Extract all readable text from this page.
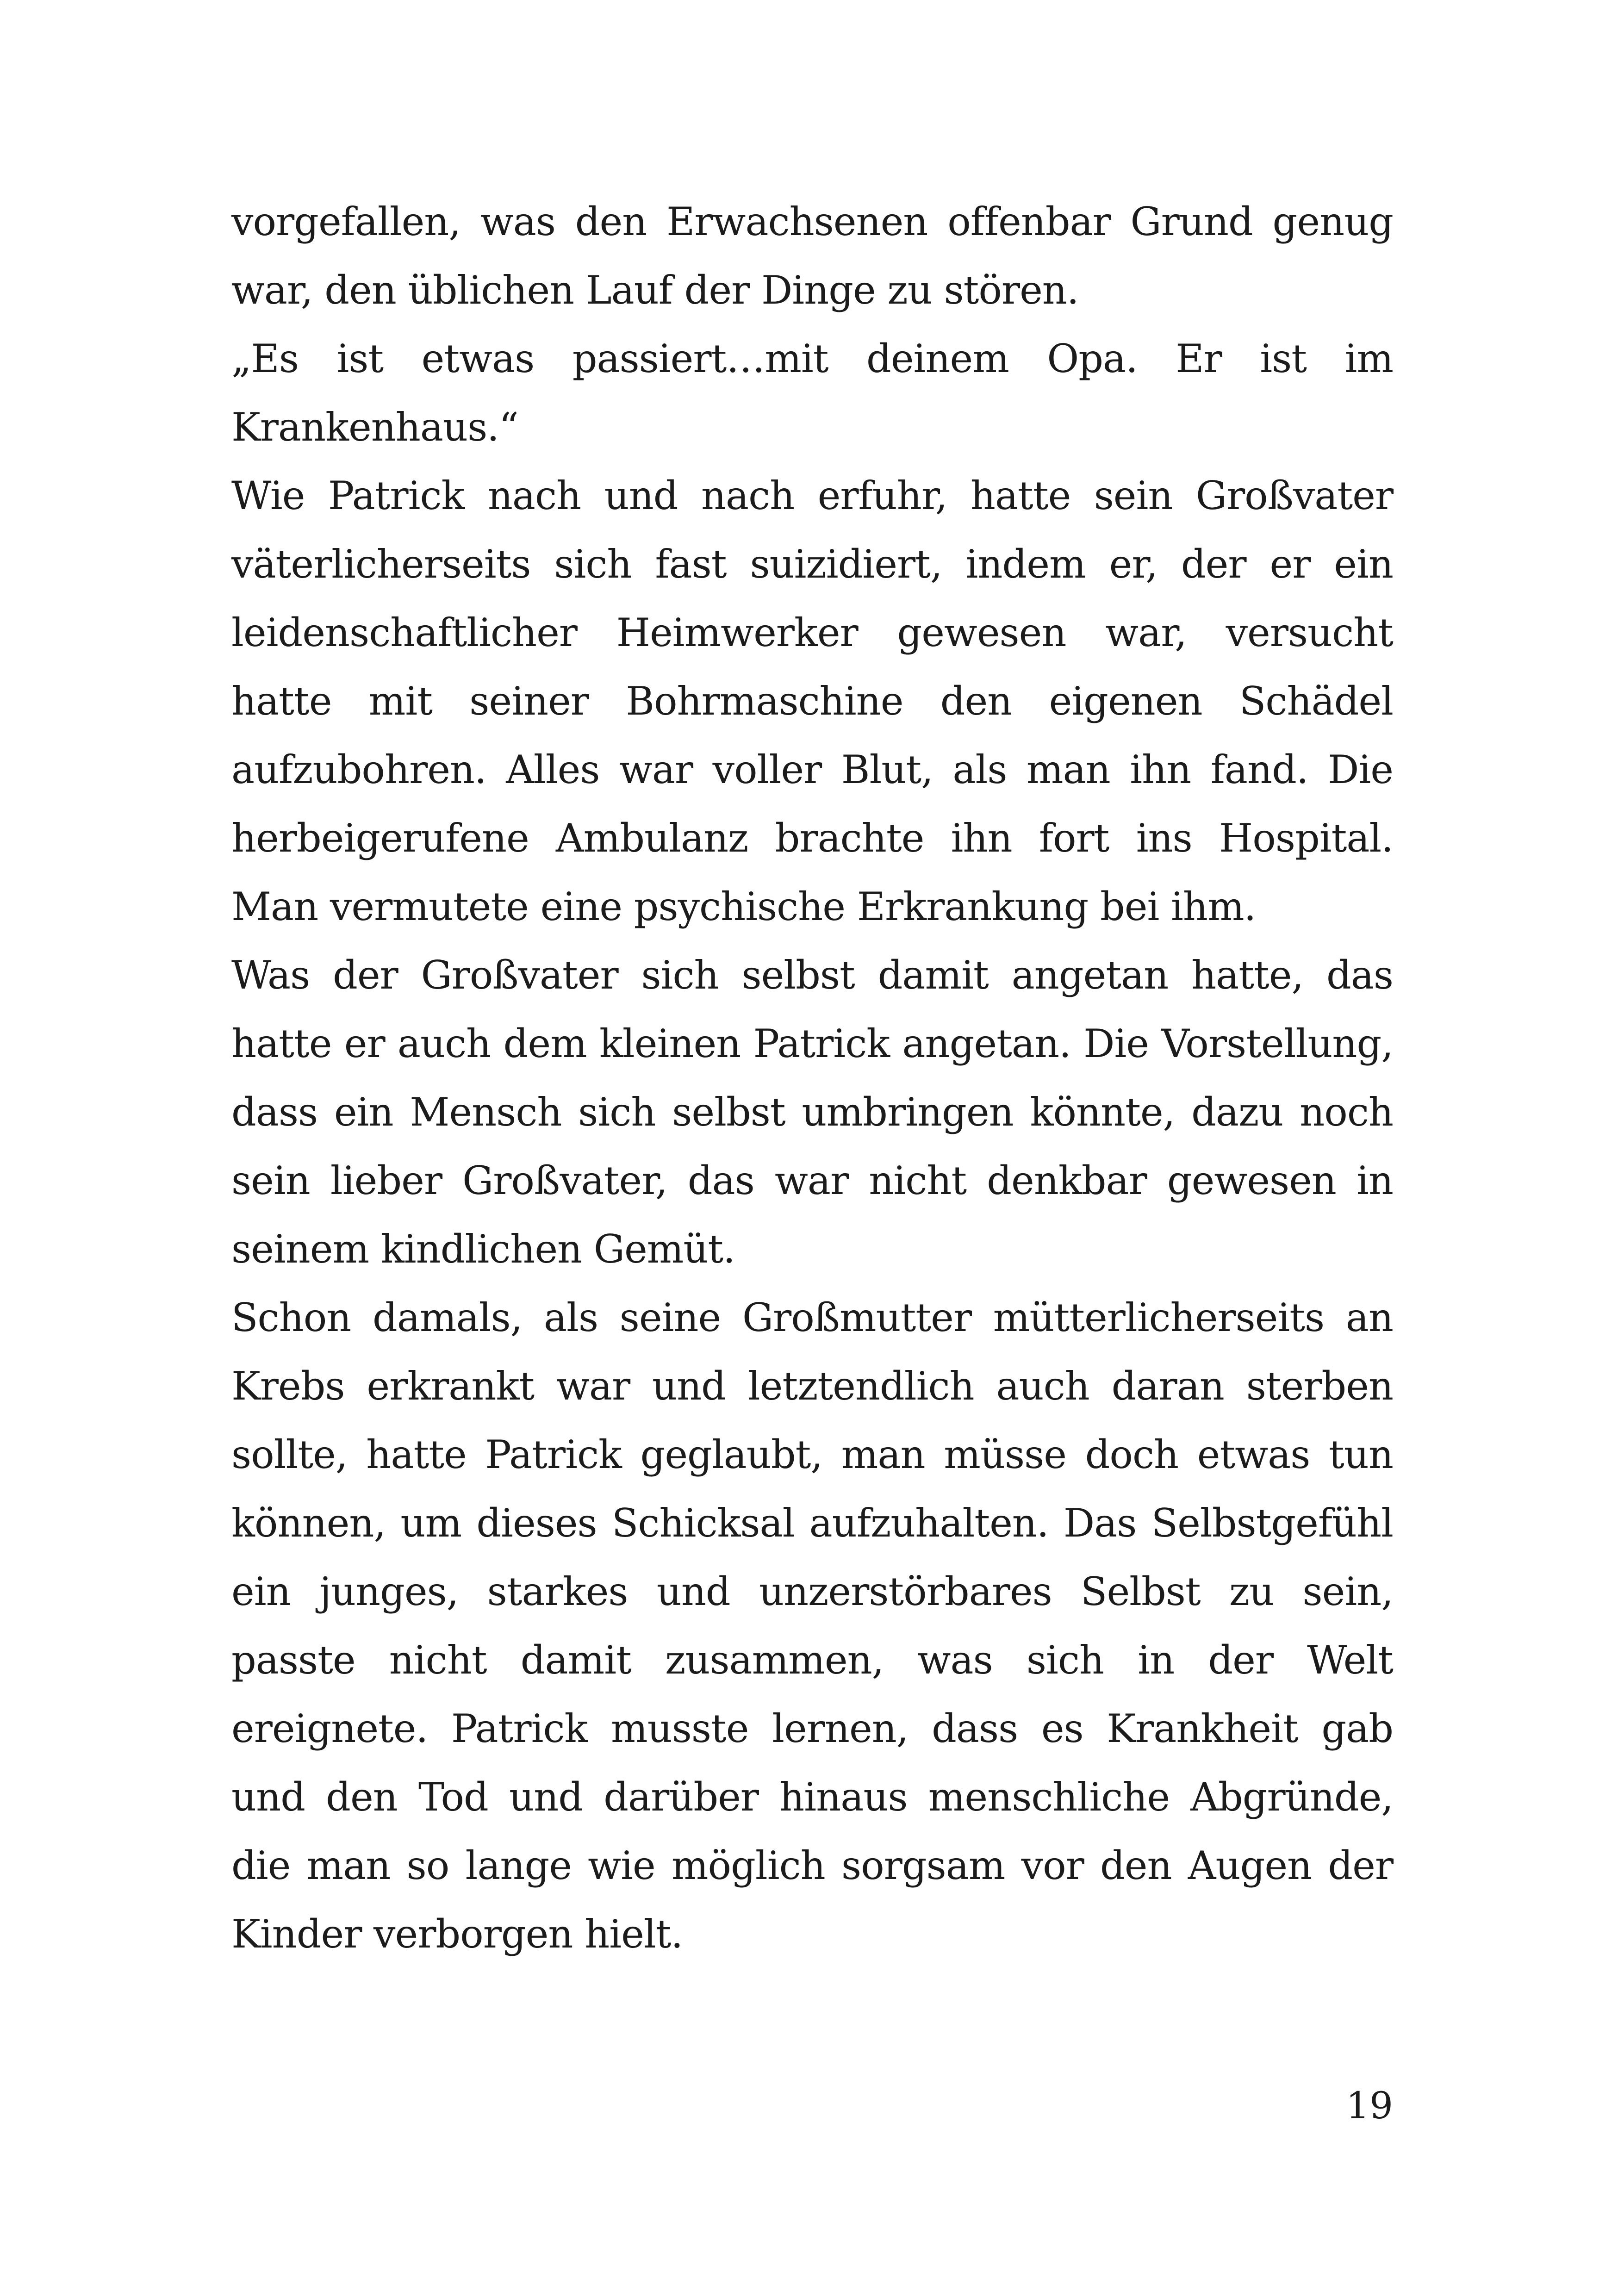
vorgefallen, was den Erwachsenen offenbar Grund genug war, den üblichen Lauf der Dinge zu stören.

„Es ist etwas passiert…mit deinem Opa. Er ist im Krankenhaus.“

Wie Patrick nach und nach erfuhr, hatte sein Großvater väterlicherseits sich fast suizidiert, indem er, der er ein leidenschaftlicher Heimwerker gewesen war, versucht hatte mit seiner Bohrmaschine den eigenen Schädel aufzubohren. Alles war voller Blut, als man ihn fand. Die herbeigerufene Ambulanz brachte ihn fort ins Hospital. Man vermutete eine psychische Erkrankung bei ihm.

Was der Großvater sich selbst damit angetan hatte, das hatte er auch dem kleinen Patrick angetan. Die Vorstellung, dass ein Mensch sich selbst umbringen könnte, dazu noch sein lieber Großvater, das war nicht denkbar gewesen in seinem kindlichen Gemüt.

Schon damals, als seine Großmutter mütterlicherseits an Krebs erkrankt war und letztendlich auch daran sterben sollte, hatte Patrick geglaubt, man müsse doch etwas tun können, um dieses Schicksal aufzuhalten. Das Selbstgefühl ein junges, starkes und unzerstörbares Selbst zu sein, passte nicht damit zusammen, was sich in der Welt ereignete. Patrick musste lernen, dass es Krankheit gab und den Tod und darüber hinaus menschliche Abgründe, die man so lange wie möglich sorgsam vor den Augen der Kinder verborgen hielt.

19
